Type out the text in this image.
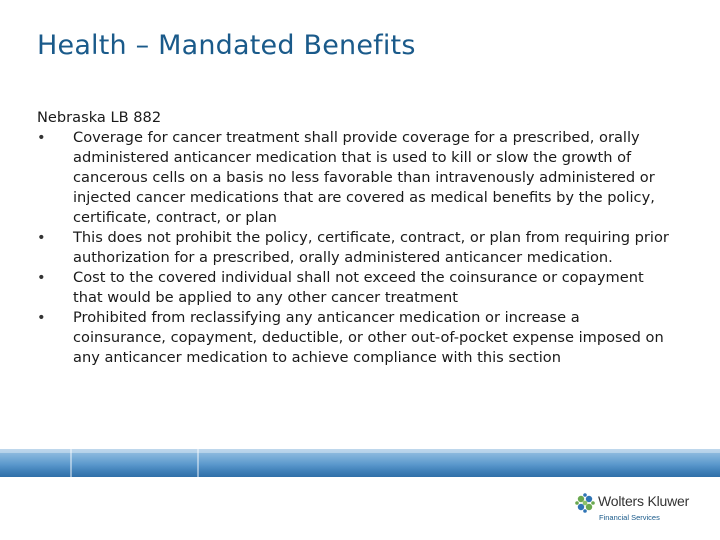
Health – Mandated Benefits

Nebraska LB 882

• Coverage for cancer treatment shall provide coverage for a prescribed, orally administered anticancer medication that is used to kill or slow the growth of cancerous cells on a basis no less favorable than intravenously administered or injected cancer medications that are covered as medical benefits by the policy, certificate, contract, or plan
• This does not prohibit the policy, certificate, contract, or plan from requiring prior authorization for a prescribed, orally administered anticancer medication.
• Cost to the covered individual shall not exceed the coinsurance or copayment that would be applied to any other cancer treatment
• Prohibited from reclassifying any anticancer medication or increase a coinsurance, copayment, deductible, or other out-of-pocket expense imposed on any anticancer medication to achieve compliance with this section
Wolters Kluwer
Financial Services
